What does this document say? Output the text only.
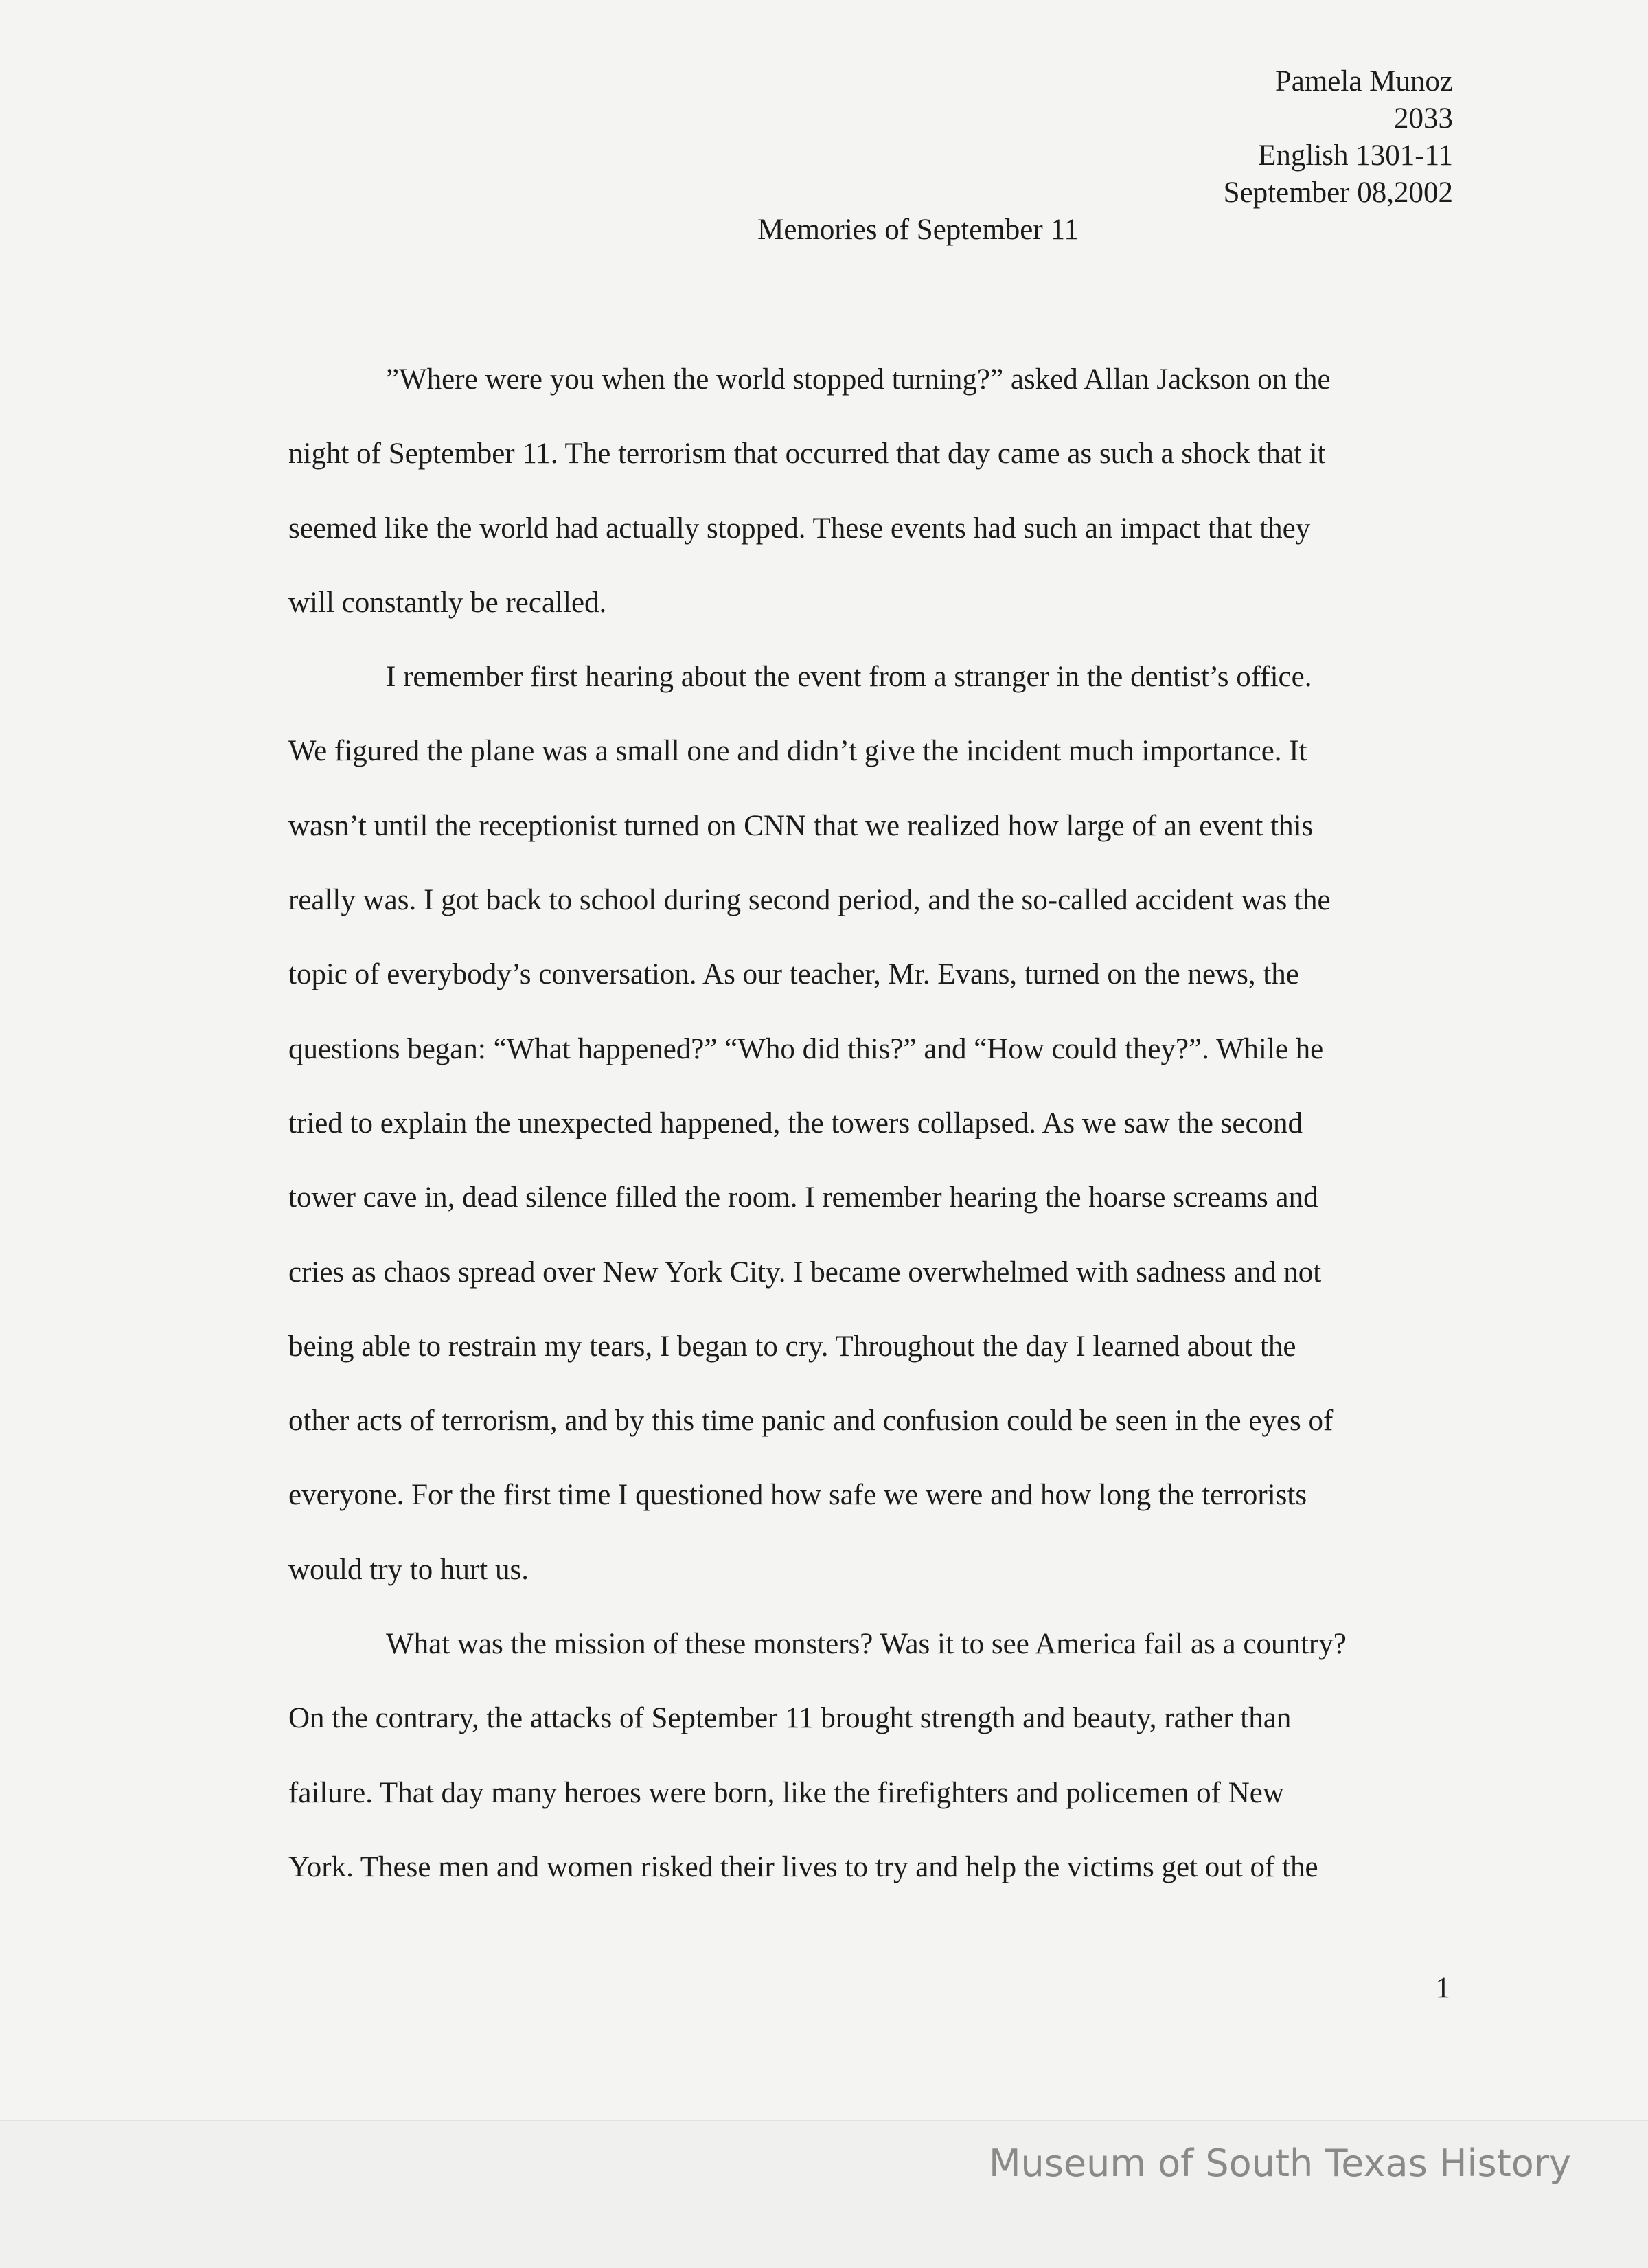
Pamela Munoz
2033
English 1301-11
September 08,2002
Memories of September 11
”Where were you when the world stopped turning?” asked Allan Jackson on the
night of September 11. The terrorism that occurred that day came as such a shock that it
seemed like the world had actually stopped. These events had such an impact that they
will constantly be recalled.
I remember first hearing about the event from a stranger in the dentist’s office.
We figured the plane was a small one and didn’t give the incident much importance. It
wasn’t until the receptionist turned on CNN that we realized how large of an event this
really was. I got back to school during second period, and the so-called accident was the
topic of everybody’s conversation. As our teacher, Mr. Evans, turned on the news, the
questions began: “What happened?” “Who did this?” and “How could they?”. While he
tried to explain the unexpected happened, the towers collapsed. As we saw the second
tower cave in, dead silence filled the room. I remember hearing the hoarse screams and
cries as chaos spread over New York City. I became overwhelmed with sadness and not
being able to restrain my tears, I began to cry. Throughout the day I learned about the
other acts of terrorism, and by this time panic and confusion could be seen in the eyes of
everyone. For the first time I questioned how safe we were and how long the terrorists
would try to hurt us.
What was the mission of these monsters? Was it to see America fail as a country?
On the contrary, the attacks of September 11 brought strength and beauty, rather than
failure. That day many heroes were born, like the firefighters and policemen of New
York. These men and women risked their lives to try and help the victims get out of the
1
Museum of South Texas History
